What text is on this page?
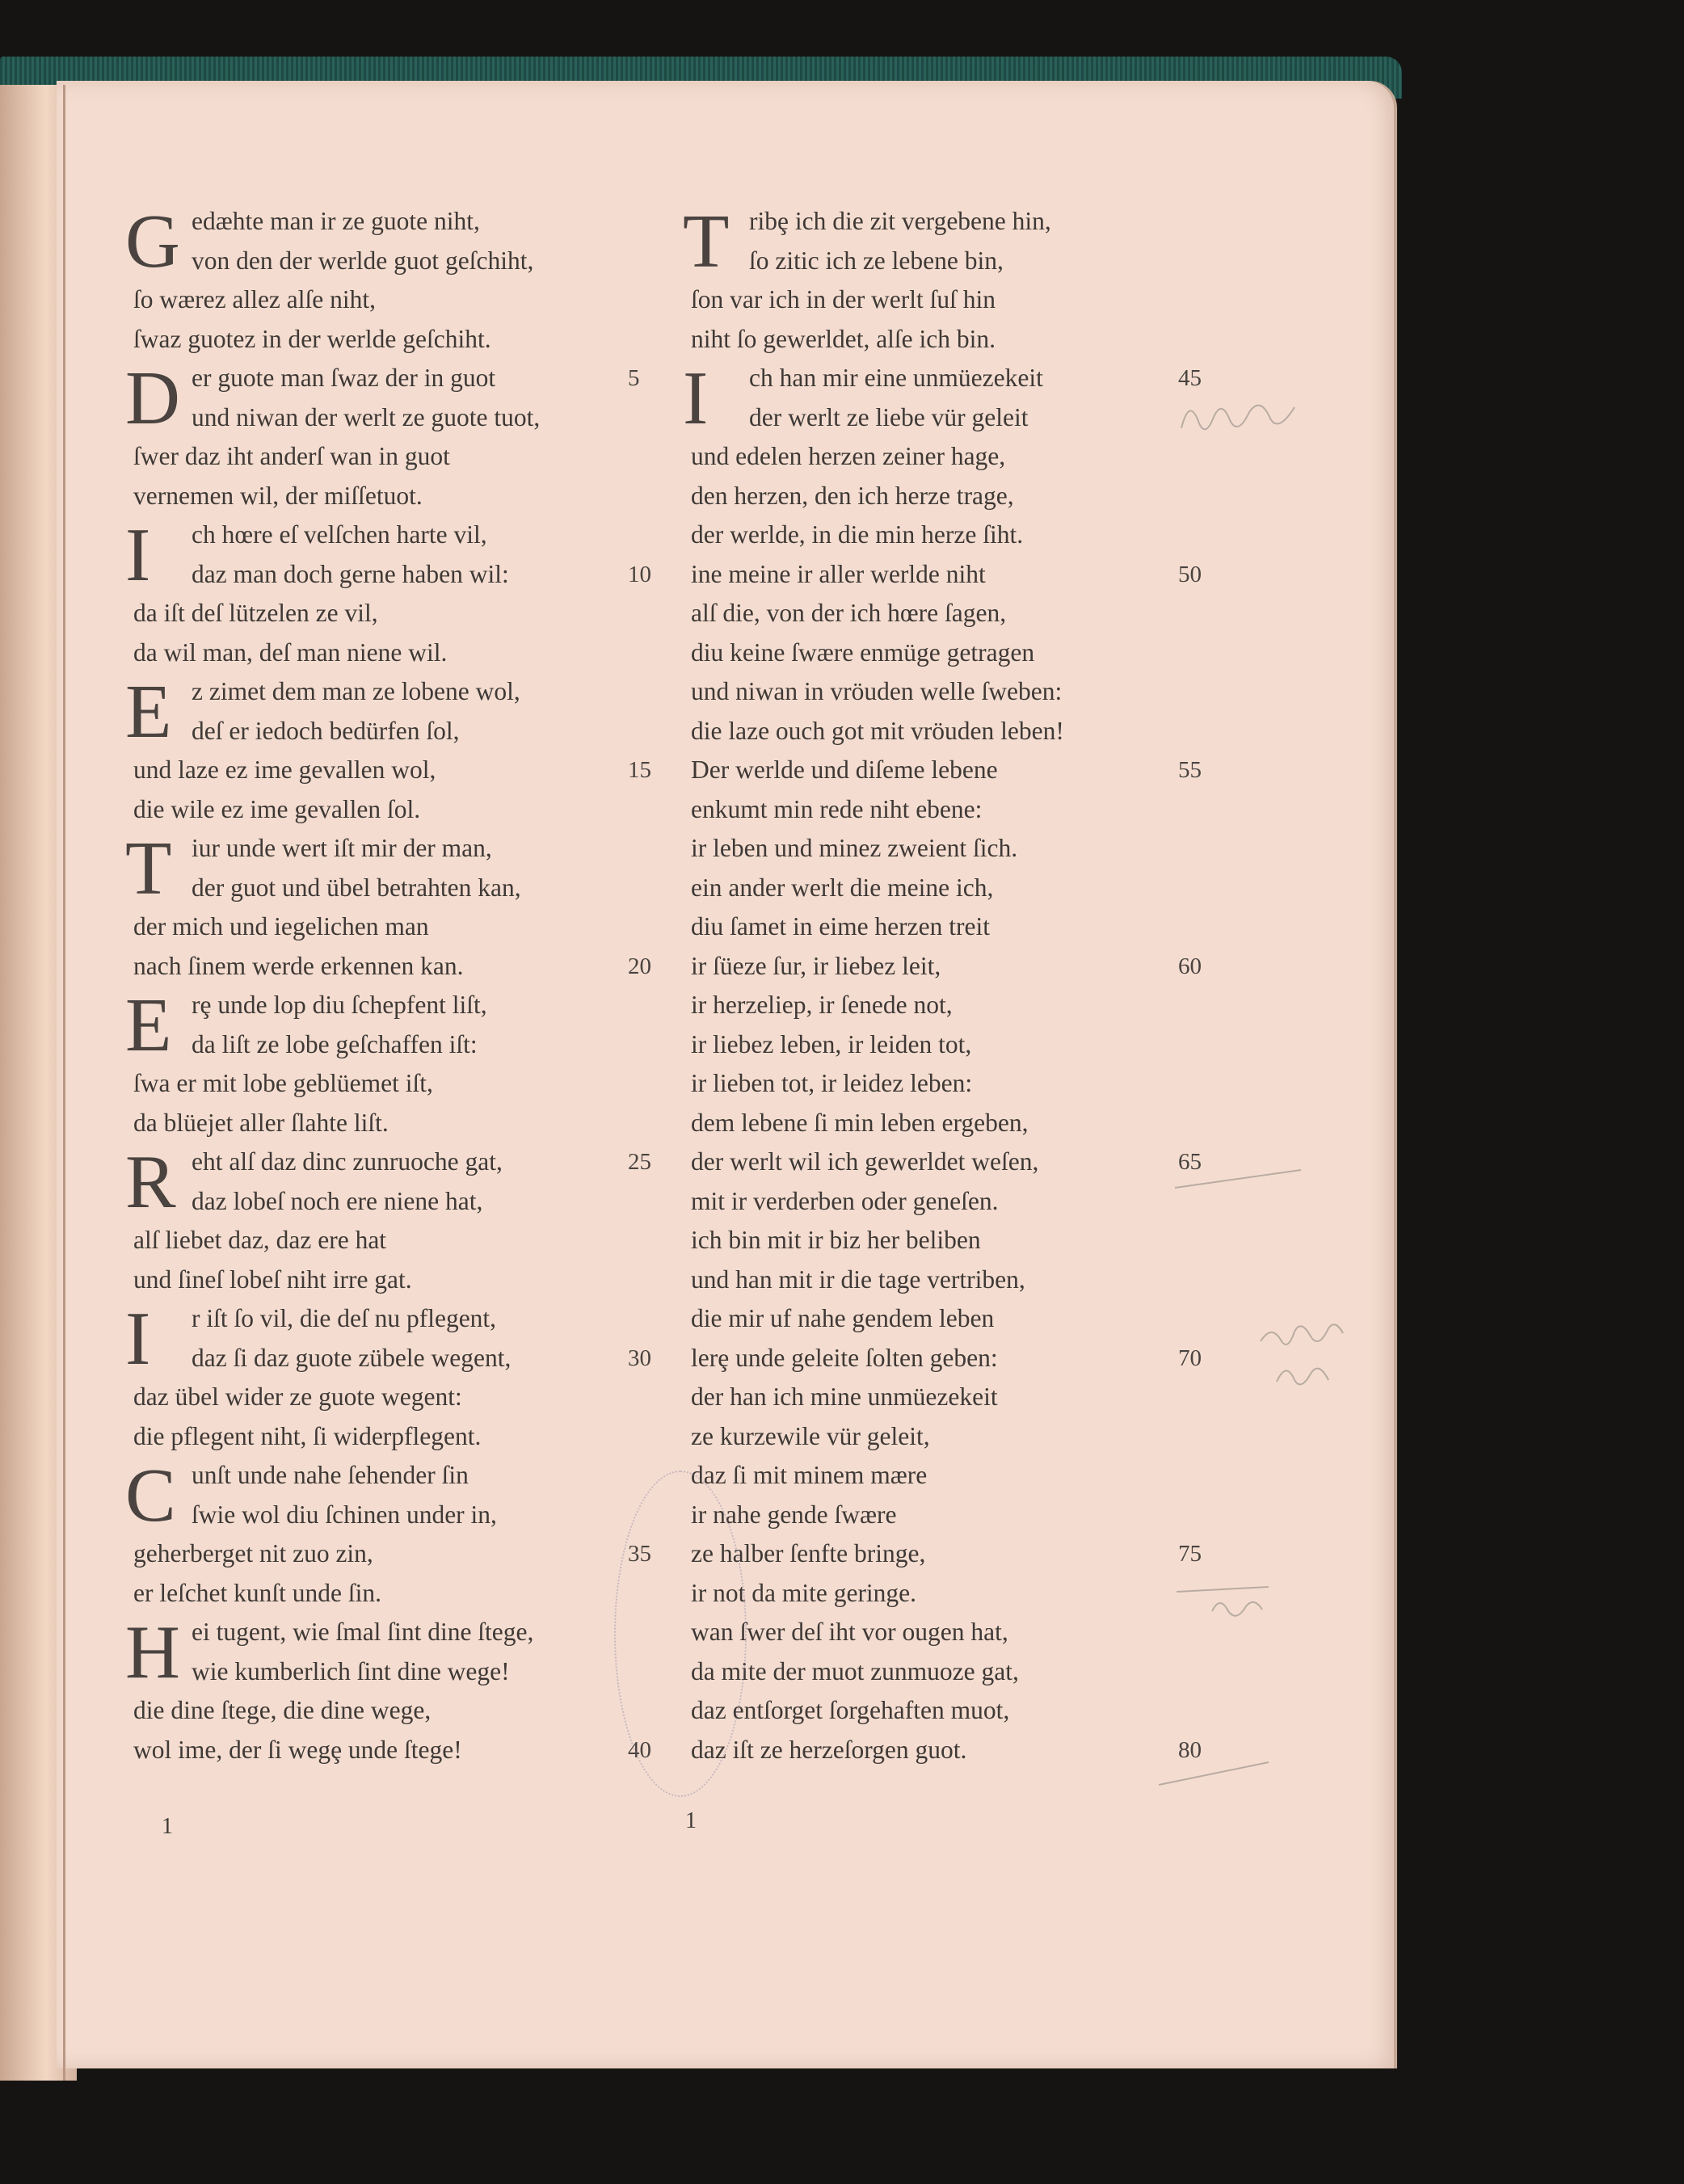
G edæhte man ir ze guote niht,
von den der werlde guot geſchiht,
ſo wærez allez alſe niht,
ſwaz guotez in der werlde geſchiht.
D er guote man ſwaz der in guot	5
und niwan der werlt ze guote tuot,
ſwer daz iht anderſ wan in guot
vernemen wil, der miſſetuot.
I	ch hœre eſ velſchen harte vil,
daz man doch gerne haben wil:	10
da iſt deſ lützelen ze vil,
da wil man, deſ man niene wil.
E z zimet dem man ze lobene wol,
deſ er iedoch bedürfen ſol,
und laze ez ime gevallen wol,	15
die wile ez ime gevallen ſol.
T iur unde wert iſt mir der man,
der guot und übel betrahten kan,
der mich und iegelichen man
nach ſinem werde erkennen kan.	20
E rȩ unde lop diu ſchepfent liſt,
da liſt ze lobe geſchaffen iſt:
ſwa er mit lobe geblüemet iſt,
da blüejet aller ſlahte liſt.
R eht alſ daz dinc zunruoche gat,	25
daz lobeſ noch ere niene hat,
alſ liebet daz, daz ere hat
und ſineſ lobeſ niht irre gat.
I	r iſt ſo vil, die deſ nu pflegent,
daz ſi daz guote zübele wegent,	30
daz übel wider ze guote wegent:
die pflegent niht, ſi widerpflegent.
C unſt unde nahe ſehender ſin
ſwie wol diu ſchinen under in,
geherberget nit zuo zin,	35
er leſchet kunſt unde ſin.
H ei tugent, wie ſmal ſint dine ſtege,
wie kumberlich ſint dine wege!
die dine ſtege, die dine wege,
wol ime, der ſi wegȩ unde ſtege!	40
T ribȩ ich die zit vergebene hin,
ſo zitic ich ze lebene bin,
ſon var ich in der werlt ſuſ hin
niht ſo gewerldet, alſe ich bin.
I	ch han mir eine unmüezekeit	45
der werlt ze liebe vür geleit
und edelen herzen zeiner hage,
den herzen, den ich herze trage,
der werlde, in die min herze ſiht.
ine meine ir aller werlde niht	50
alſ die, von der ich hœre ſagen,
diu keine ſwære enmüge getragen
und niwan in vröuden welle ſweben:
die laze ouch got mit vröuden leben!
Der werlde und diſeme lebene	55
enkumt min rede niht ebene:
ir leben und minez zweient ſich.
ein ander werlt die meine ich,
diu ſamet in eime herzen treit
ir ſüeze ſur, ir liebez leit,	60
ir herzeliep, ir ſenede not,
ir liebez leben, ir leiden tot,
ir lieben tot, ir leidez leben:
dem lebene ſi min leben ergeben,
der werlt wil ich gewerldet weſen,	65
mit ir verderben oder geneſen.
ich bin mit ir biz her beliben
und han mit ir die tage vertriben,
die mir uf nahe gendem leben
lerȩ unde geleite ſolten geben:	70
der han ich mine unmüezekeit
ze kurzewile vür geleit,
daz ſi mit minem mære
ir nahe gende ſwære
ze halber ſenfte bringe,	75
ir not da mite geringe.
wan ſwer deſ iht vor ougen hat,
da mite der muot zunmuoze gat,
daz entſorget ſorgehaften muot,
daz iſt ze herzeſorgen guot.	80
1	1
